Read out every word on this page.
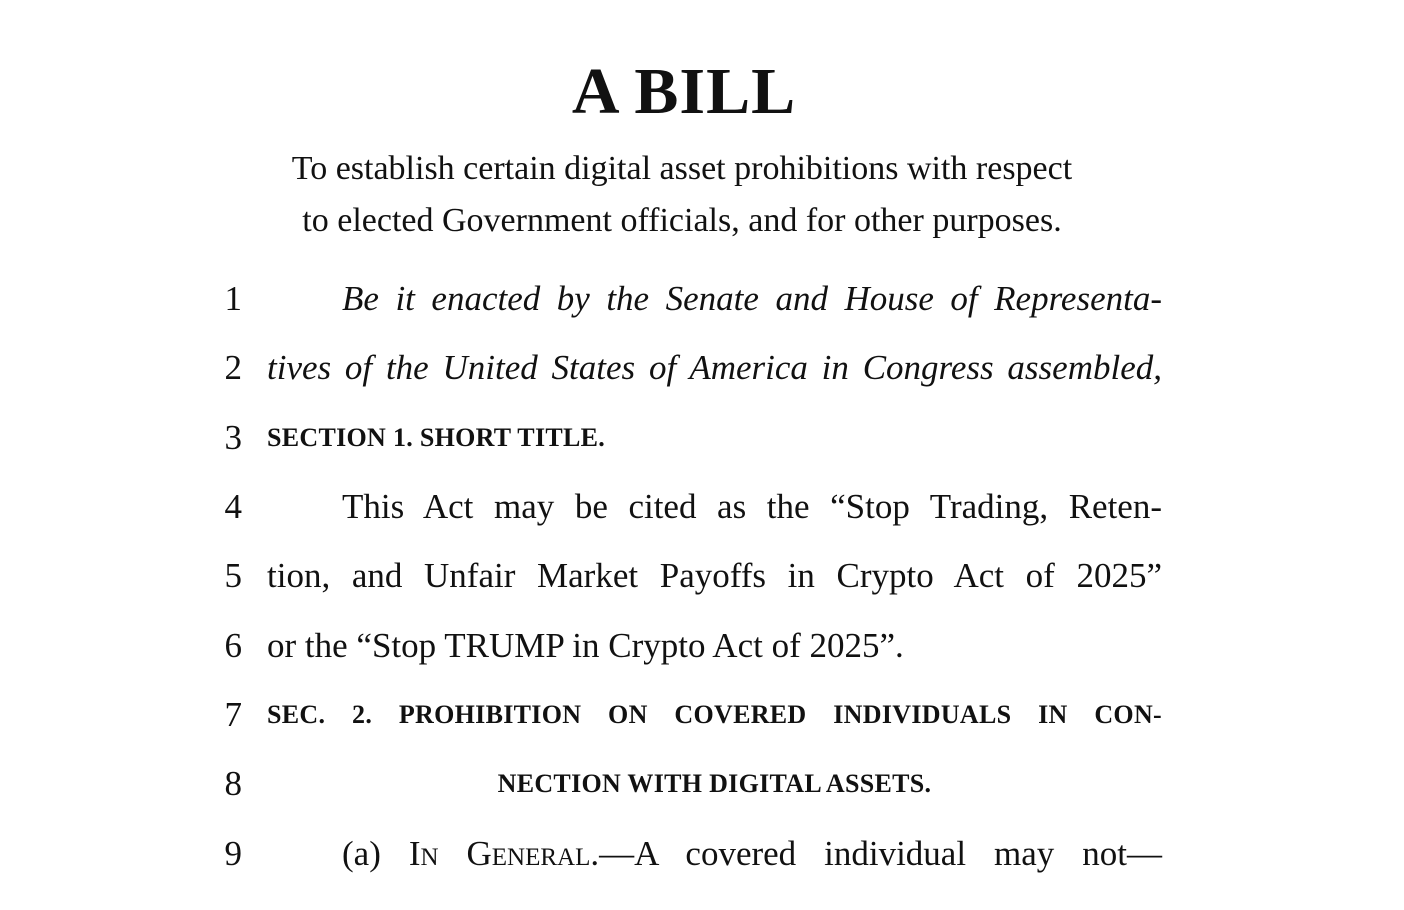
A BILL
To establish certain digital asset prohibitions with respect
to elected Government officials, and for other purposes.
1	Be it enacted by the Senate and House of Representa-
2 tives of the United States of America in Congress assembled,
3 SECTION 1. SHORT TITLE.
4	This Act may be cited as the “Stop Trading, Reten-
5 tion, and Unfair Market Payoffs in Crypto Act of 2025”
6 or the “Stop TRUMP in Crypto Act of 2025”.
7 SEC. 2. PROHIBITION ON COVERED INDIVIDUALS IN CON-
8	NECTION WITH DIGITAL ASSETS.
9	(a) In General.—A covered individual may not—
